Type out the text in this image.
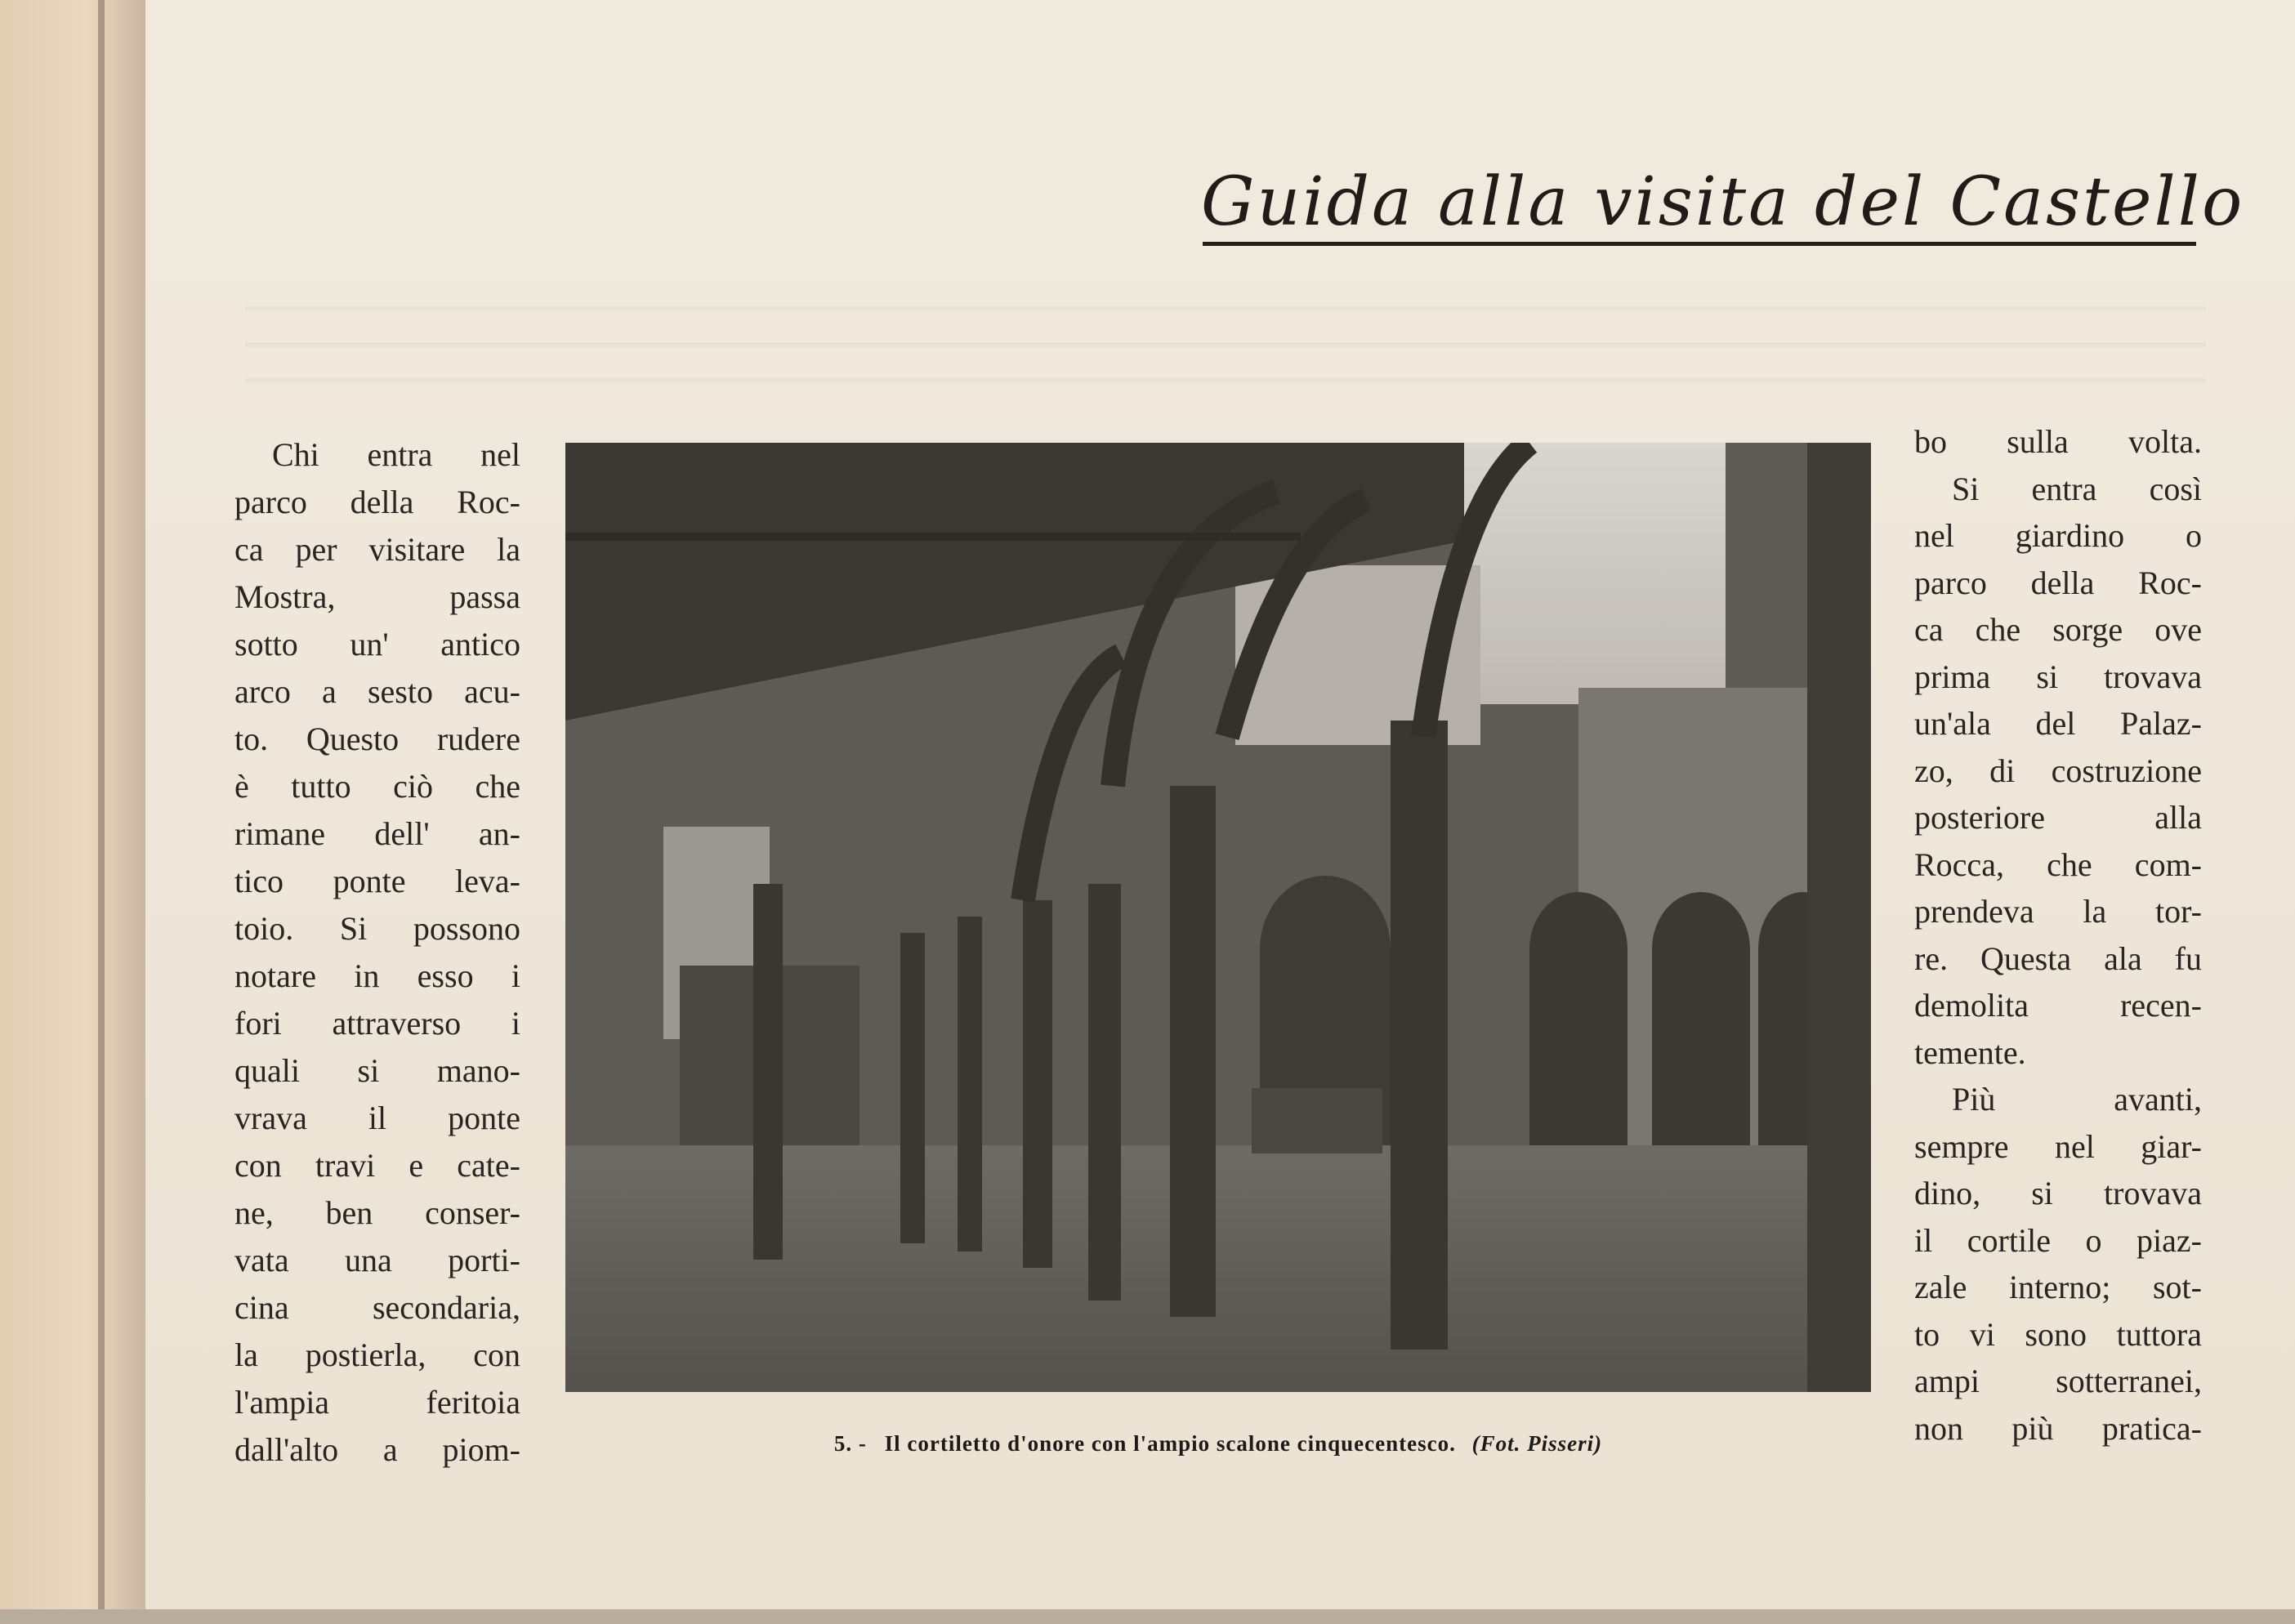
Guida alla visita del Castello
Chi entra nel
parco della Roc-
ca per visitare la
Mostra, passa
sotto un' antico
arco a sesto acu-
to. Questo rudere
è tutto ciò che
rimane dell' an-
tico ponte leva-
toio. Si possono
notare in esso i
fori attraverso i
quali si mano-
vrava il ponte
con travi e cate-
ne, ben conser-
vata una porti-
cina secondaria,
la postierla, con
l'ampia feritoia
dall'alto a piom-	5. - Il cortiletto d'onore con l'ampio scalone cinquecentesco. (Fot. Pisseri)
bo sulla volta.
Si entra così
nel giardino o
parco della Roc-
ca che sorge ove
prima si trovava
un'ala del Palaz-
zo, di costruzione
posteriore alla
Rocca, che com-
prendeva la tor-
re. Questa ala fu
demolita recen-
temente.
Più avanti,
sempre nel giar-
dino, si trovava
il cortile o piaz-
zale interno; sot-
to vi sono tuttora
ampi sotterranei,
non più pratica-
